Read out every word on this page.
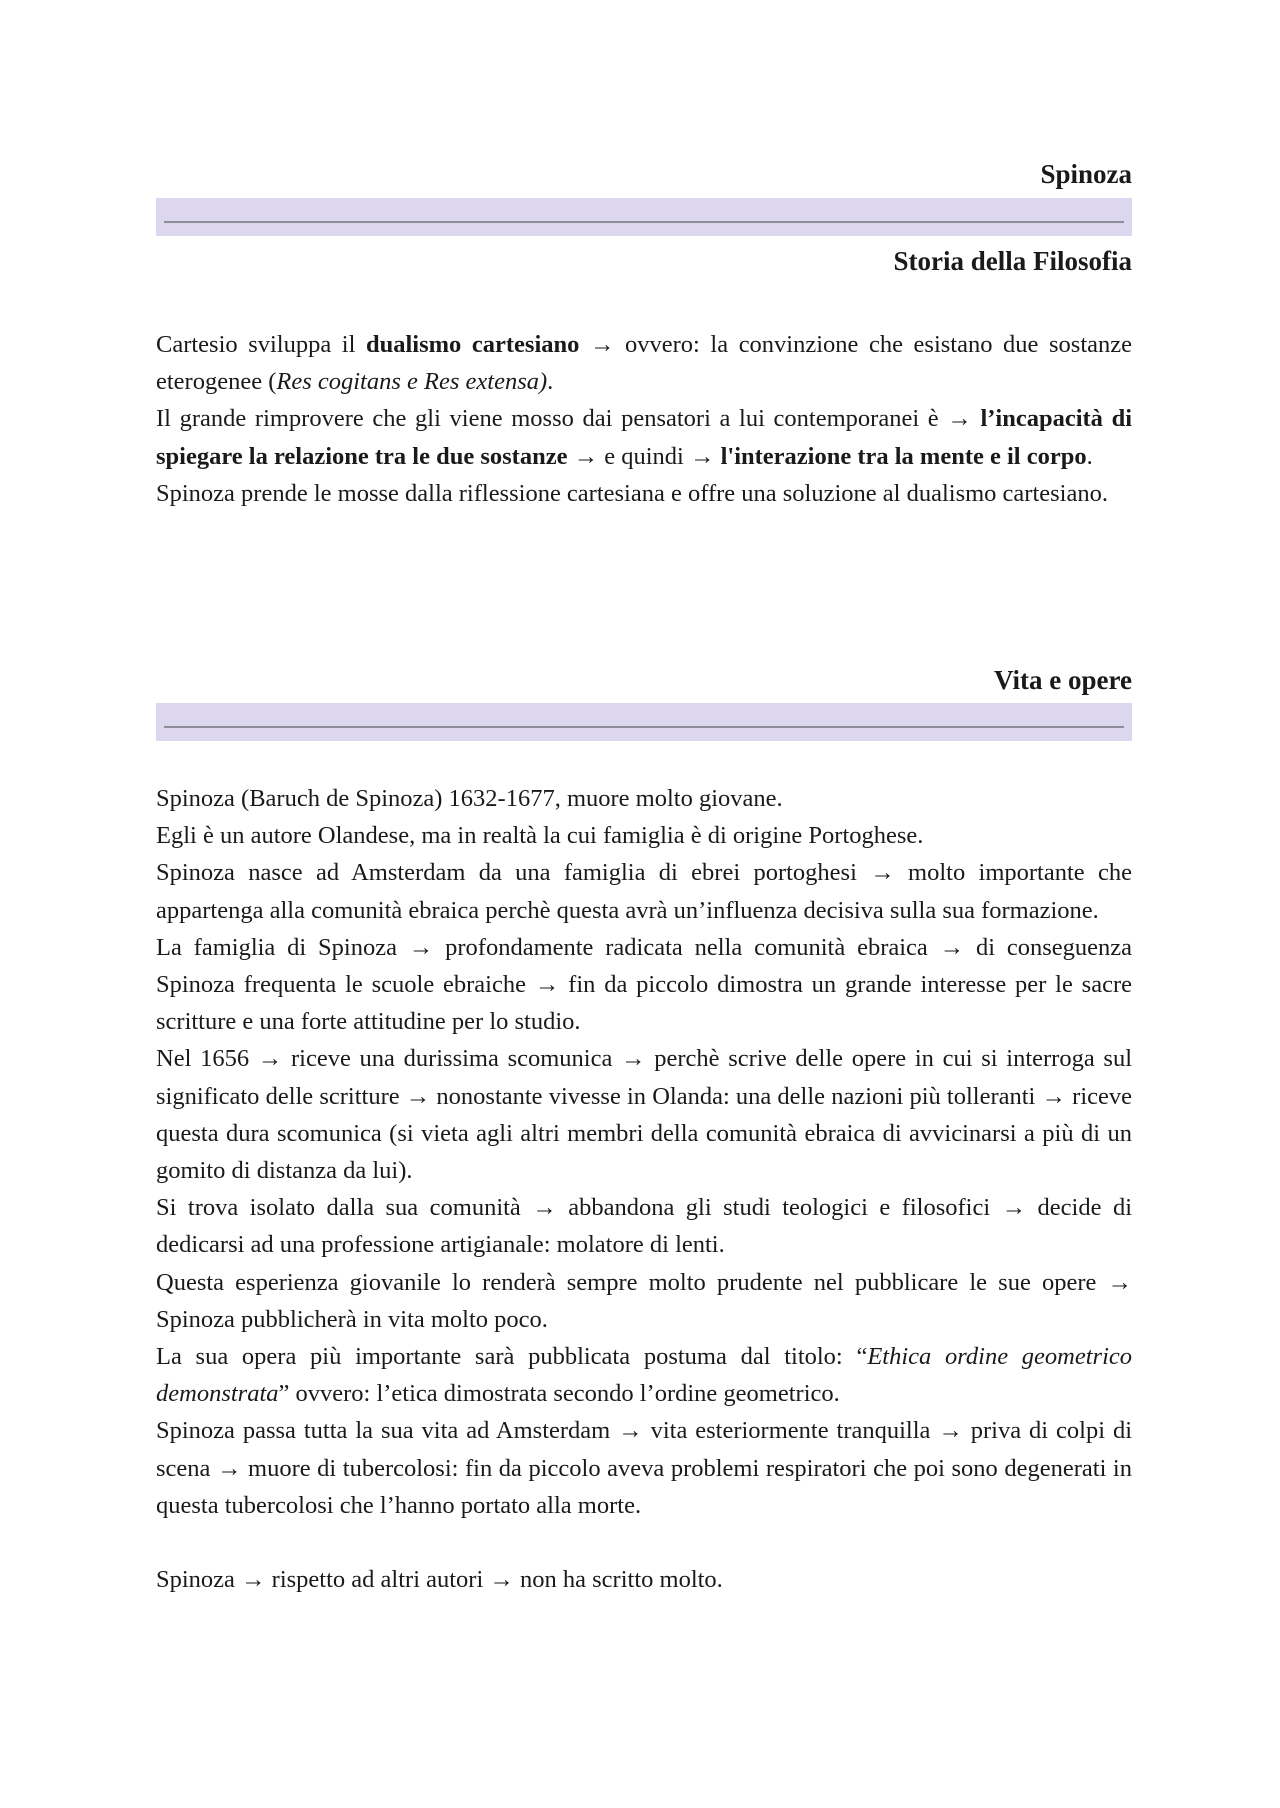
Spinoza
Storia della Filosofia

Cartesio sviluppa il dualismo cartesiano → ovvero: la convinzione che esistano due sostanze eterogenee (Res cogitans e Res extensa).

Il grande rimprovere che gli viene mosso dai pensatori a lui contemporanei è → l’incapacità di spiegare la relazione tra le due sostanze → e quindi → l'interazione tra la mente e il corpo.

Spinoza prende le mosse dalla riflessione cartesiana e offre una soluzione al dualismo cartesiano.

Vita e opere

Spinoza (Baruch de Spinoza) 1632-1677, muore molto giovane.

Egli è un autore Olandese, ma in realtà la cui famiglia è di origine Portoghese.

Spinoza nasce ad Amsterdam da una famiglia di ebrei portoghesi → molto importante che appartenga alla comunità ebraica perchè questa avrà un’influenza decisiva sulla sua formazione.

La famiglia di Spinoza → profondamente radicata nella comunità ebraica → di conseguenza Spinoza frequenta le scuole ebraiche → fin da piccolo dimostra un grande interesse per le sacre scritture e una forte attitudine per lo studio.

Nel 1656 → riceve una durissima scomunica → perchè scrive delle opere in cui si interroga sul significato delle scritture → nonostante vivesse in Olanda: una delle nazioni più tolleranti → riceve questa dura scomunica (si vieta agli altri membri della comunità ebraica di avvicinarsi a più di un gomito di distanza da lui).

Si trova isolato dalla sua comunità → abbandona gli studi teologici e filosofici → decide di dedicarsi ad una professione artigianale: molatore di lenti.

Questa esperienza giovanile lo renderà sempre molto prudente nel pubblicare le sue opere → Spinoza pubblicherà in vita molto poco.

La sua opera più importante sarà pubblicata postuma dal titolo: “Ethica ordine geometrico demonstrata” ovvero: l’etica dimostrata secondo l’ordine geometrico.

Spinoza passa tutta la sua vita ad Amsterdam → vita esteriormente tranquilla → priva di colpi di scena → muore di tubercolosi: fin da piccolo aveva problemi respiratori che poi sono degenerati in questa tubercolosi che l’hanno portato alla morte.

Spinoza → rispetto ad altri autori → non ha scritto molto.
